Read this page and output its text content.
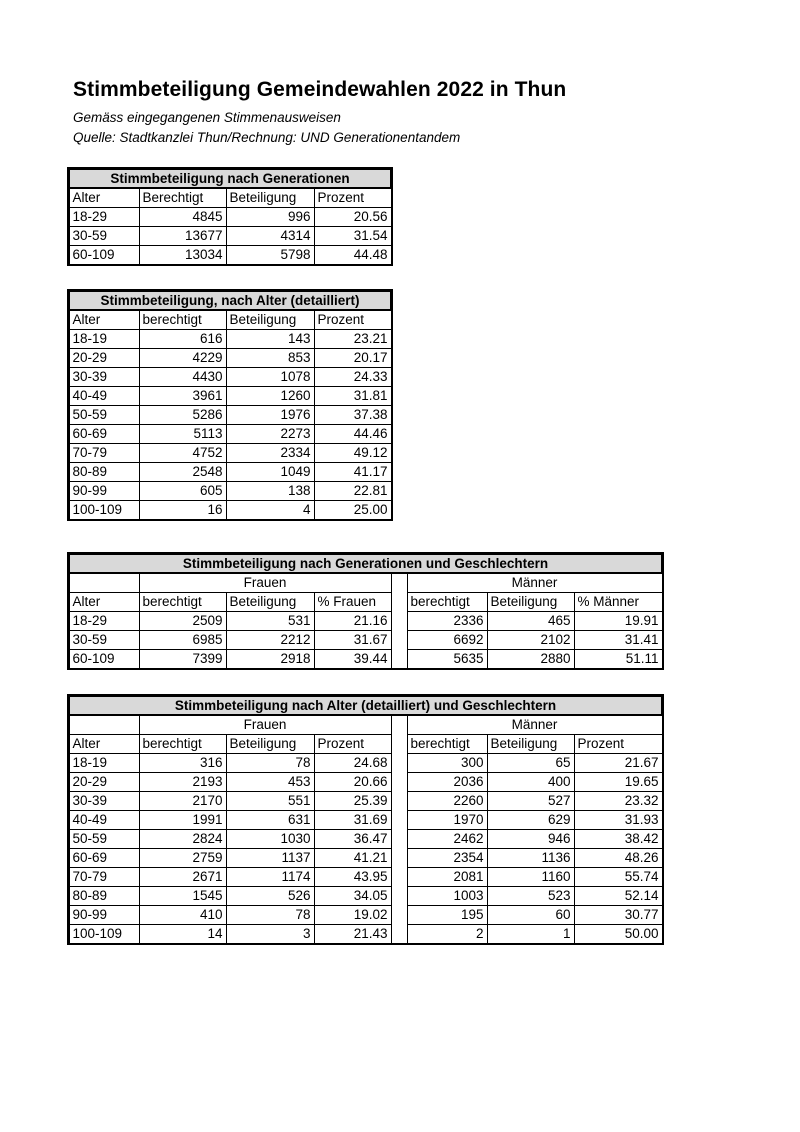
Stimmbeteiligung Gemeindewahlen 2022 in Thun
Gemäss eingegangenen Stimmenausweisen
Quelle: Stadtkanzlei Thun/Rechnung: UND Generationentandem
Stimmbeteiligung nach Generationen			
Alter	Berechtigt	Beteiligung	Prozent
18-29	4845	996	20.56
30-59	13677	4314	31.54
60-109	13034	5798	44.48
Stimmbeteiligung, nach Alter (detailliert)			
Alter	berechtigt	Beteiligung	Prozent
18-19	616	143	23.21
20-29	4229	853	20.17
30-39	4430	1078	24.33
40-49	3961	1260	31.81
50-59	5286	1976	37.38
60-69	5113	2273	44.46
70-79	4752	2334	49.12
80-89	2548	1049	41.17
90-99	605	138	22.81
100-109	16	4	25.00
Stimmbeteiligung nach Generationen und Geschlechtern							
	Frauen				Männer		
Alter	berechtigt	Beteiligung	% Frauen		berechtigt	Beteiligung	% Männer
18-29	2509	531	21.16		2336	465	19.91
30-59	6985	2212	31.67		6692	2102	31.41
60-109	7399	2918	39.44		5635	2880	51.11
Stimmbeteiligung nach Alter (detailliert) und Geschlechtern							
	Frauen				Männer		
Alter	berechtigt	Beteiligung	Prozent		berechtigt	Beteiligung	Prozent
18-19	316	78	24.68		300	65	21.67
20-29	2193	453	20.66		2036	400	19.65
30-39	2170	551	25.39		2260	527	23.32
40-49	1991	631	31.69		1970	629	31.93
50-59	2824	1030	36.47		2462	946	38.42
60-69	2759	1137	41.21		2354	1136	48.26
70-79	2671	1174	43.95		2081	1160	55.74
80-89	1545	526	34.05		1003	523	52.14
90-99	410	78	19.02		195	60	30.77
100-109	14	3	21.43		2	1	50.00
